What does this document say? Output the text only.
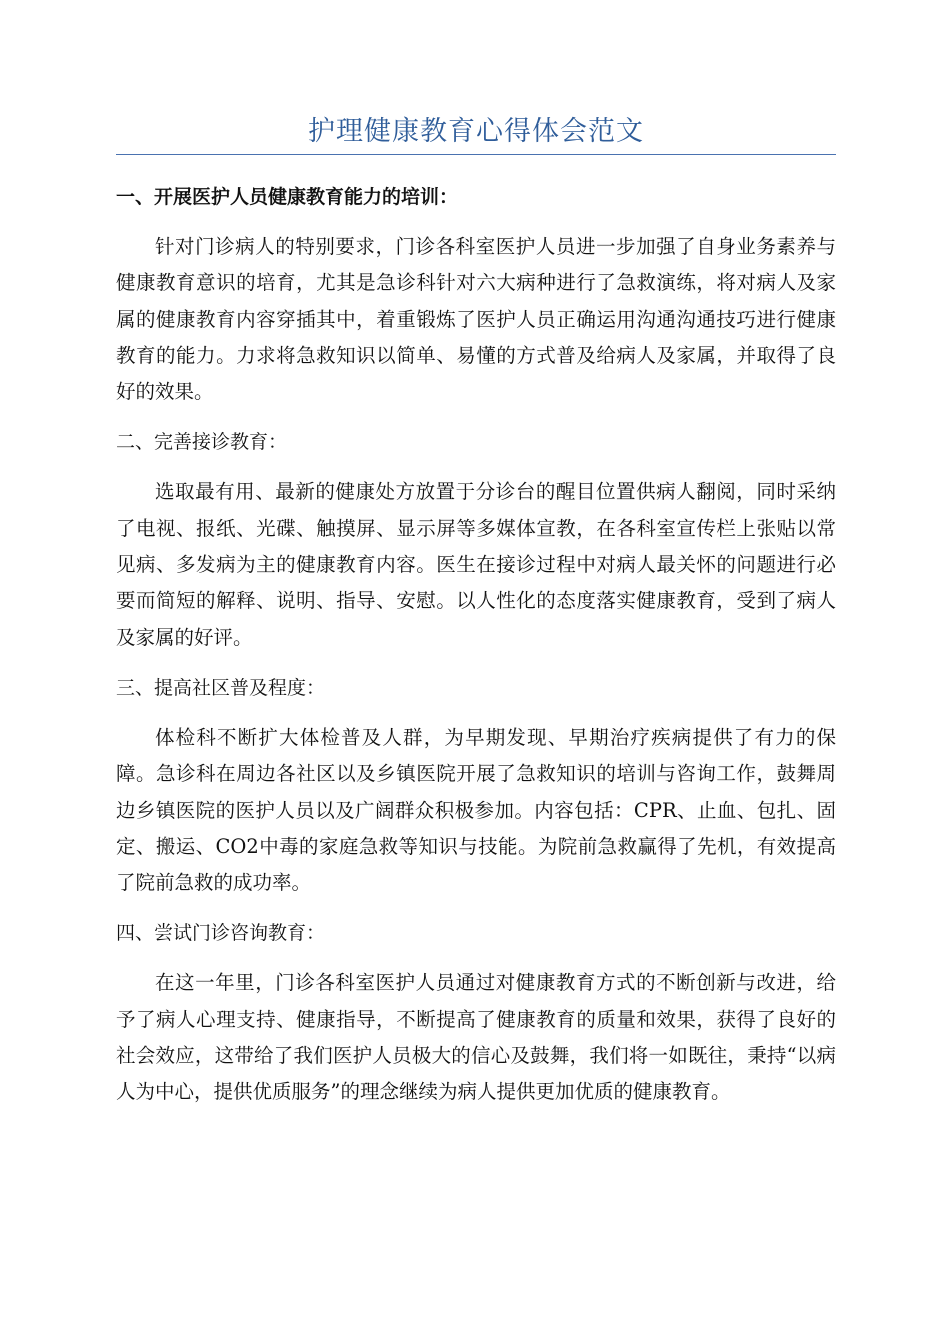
护理健康教育心得体会范文

一、开展医护人员健康教育能力的培训：

针对门诊病人的特别要求，门诊各科室医护人员进一步加强了自身业务素养与健康教育意识的培育，尤其是急诊科针对六大病种进行了急救演练，将对病人及家属的健康教育内容穿插其中，着重锻炼了医护人员正确运用沟通沟通技巧进行健康教育的能力。力求将急救知识以简单、易懂的方式普及给病人及家属，并取得了良好的效果。

二、完善接诊教育：

选取最有用、最新的健康处方放置于分诊台的醒目位置供病人翻阅，同时采纳了电视、报纸、光碟、触摸屏、显示屏等多媒体宣教，在各科室宣传栏上张贴以常见病、多发病为主的健康教育内容。医生在接诊过程中对病人最关怀的问题进行必要而简短的解释、说明、指导、安慰。以人性化的态度落实健康教育，受到了病人及家属的好评。

三、提高社区普及程度：

体检科不断扩大体检普及人群，为早期发现、早期治疗疾病提供了有力的保障。急诊科在周边各社区以及乡镇医院开展了急救知识的培训与咨询工作，鼓舞周边乡镇医院的医护人员以及广阔群众积极参加。内容包括：CPR、止血、包扎、固定、搬运、CO2中毒的家庭急救等知识与技能。为院前急救赢得了先机，有效提高了院前急救的成功率。

四、尝试门诊咨询教育：

在这一年里，门诊各科室医护人员通过对健康教育方式的不断创新与改进，给予了病人心理支持、健康指导，不断提高了健康教育的质量和效果，获得了良好的社会效应，这带给了我们医护人员极大的信心及鼓舞，我们将一如既往，秉持“以病人为中心，提供优质服务”的理念继续为病人提供更加优质的健康教育。
